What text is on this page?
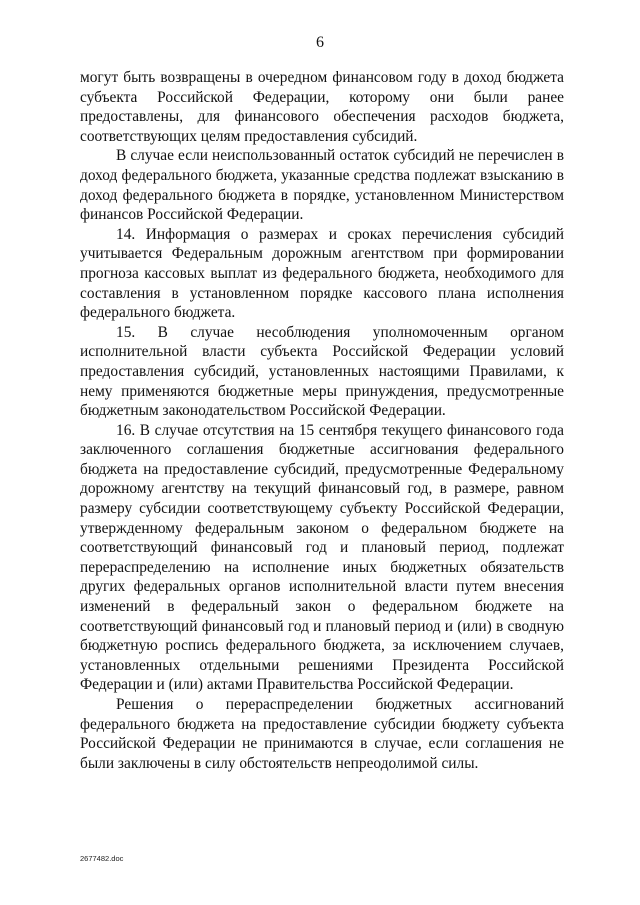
6

могут быть возвращены в очередном финансовом году в доход бюджета субъекта Российской Федерации, которому они были ранее предоставлены, для финансового обеспечения расходов бюджета, соответствующих целям предоставления субсидий.

В случае если неиспользованный остаток субсидий не перечислен в доход федерального бюджета, указанные средства подлежат взысканию в доход федерального бюджета в порядке, установленном Министерством финансов Российской Федерации.

14. Информация о размерах и сроках перечисления субсидий учитывается Федеральным дорожным агентством при формировании прогноза кассовых выплат из федерального бюджета, необходимого для составления в установленном порядке кассового плана исполнения федерального бюджета.

15. В случае несоблюдения уполномоченным органом исполнительной власти субъекта Российской Федерации условий предоставления субсидий, установленных настоящими Правилами, к нему применяются бюджетные меры принуждения, предусмотренные бюджетным законодательством Российской Федерации.

16. В случае отсутствия на 15 сентября текущего финансового года заключенного соглашения бюджетные ассигнования федерального бюджета на предоставление субсидий, предусмотренные Федеральному дорожному агентству на текущий финансовый год, в размере, равном размеру субсидии соответствующему субъекту Российской Федерации, утвержденному федеральным законом о федеральном бюджете на соответствующий финансовый год и плановый период, подлежат перераспределению на исполнение иных бюджетных обязательств других федеральных органов исполнительной власти путем внесения изменений в федеральный закон о федеральном бюджете на соответствующий финансовый год и плановый период и (или) в сводную бюджетную роспись федерального бюджета, за исключением случаев, установленных отдельными решениями Президента Российской Федерации и (или) актами Правительства Российской Федерации.

Решения о перераспределении бюджетных ассигнований федерального бюджета на предоставление субсидии бюджету субъекта Российской Федерации не принимаются в случае, если соглашения не были заключены в силу обстоятельств непреодолимой силы.

2677482.doc
